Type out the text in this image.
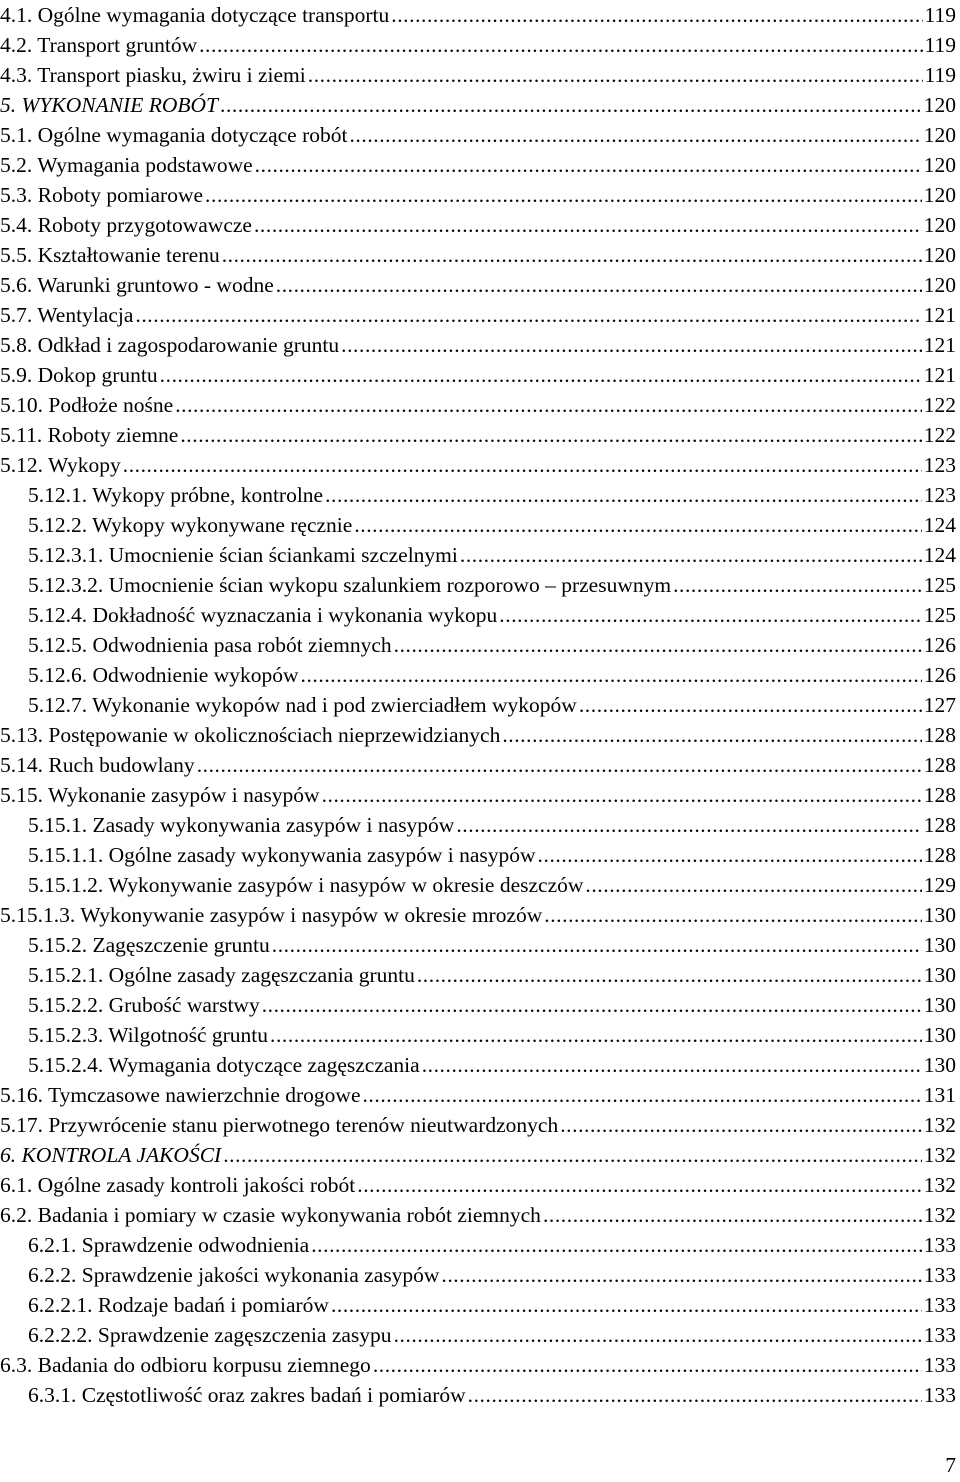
4.1. Ogólne wymagania dotyczące transportu . . .	119
4.2. Transport gruntów . . .	119
4.3. Transport piasku, żwiru i ziemi . . .	119
5. WYKONANIE ROBÓT . . .	120
5.1. Ogólne wymagania dotyczące robót . . .	120
5.2. Wymagania podstawowe . . .	120
5.3. Roboty pomiarowe . . .	120
5.4. Roboty przygotowawcze . . .	120
5.5. Kształtowanie terenu . . .	120
5.6. Warunki gruntowo - wodne . . .	120
5.7. Wentylacja . . .	121
5.8. Odkład i zagospodarowanie gruntu . . .	121
5.9. Dokop gruntu . . .	121
5.10. Podłoże nośne . . .	122
5.11. Roboty ziemne . . .	122
5.12. Wykopy . . .	123
5.12.1. Wykopy próbne, kontrolne . . .	123
5.12.2. Wykopy wykonywane ręcznie . . .	124
5.12.3.1. Umocnienie ścian ściankami szczelnymi . . .	124
5.12.3.2. Umocnienie ścian wykopu szalunkiem rozporowo – przesuwnym . . .	125
5.12.4. Dokładność wyznaczania i wykonania wykopu . . .	125
5.12.5. Odwodnienia pasa robót ziemnych . . .	126
5.12.6. Odwodnienie wykopów . . .	126
5.12.7. Wykonanie wykopów nad i pod zwierciadłem wykopów . . .	127
5.13. Postępowanie w okolicznościach nieprzewidzianych . . .	128
5.14. Ruch budowlany . . .	128
5.15. Wykonanie zasypów i nasypów . . .	128
5.15.1. Zasady wykonywania zasypów i nasypów . . .	128
5.15.1.1. Ogólne zasady wykonywania zasypów i nasypów . . .	128
5.15.1.2. Wykonywanie zasypów i nasypów w okresie deszczów . . .	129
5.15.1.3. Wykonywanie zasypów i nasypów w okresie mrozów . . .	130
5.15.2. Zagęszczenie gruntu . . .	130
5.15.2.1. Ogólne zasady zagęszczania gruntu . . .	130
5.15.2.2. Grubość warstwy . . .	130
5.15.2.3. Wilgotność gruntu . . .	130
5.15.2.4. Wymagania dotyczące zagęszczania . . .	130
5.16. Tymczasowe nawierzchnie drogowe . . .	131
5.17. Przywrócenie stanu pierwotnego terenów nieutwardzonych . . .	132
6. KONTROLA JAKOŚCI . . .	132
6.1. Ogólne zasady kontroli jakości robót . . .	132
6.2. Badania i pomiary w czasie wykonywania robót ziemnych . . .	132
6.2.1. Sprawdzenie odwodnienia . . .	133
6.2.2. Sprawdzenie jakości wykonania zasypów . . .	133
6.2.2.1. Rodzaje badań i pomiarów . . .	133
6.2.2.2. Sprawdzenie zagęszczenia zasypu . . .	133
6.3. Badania do odbioru korpusu ziemnego . . .	133
6.3.1. Częstotliwość oraz zakres badań i pomiarów . . .	133
7
